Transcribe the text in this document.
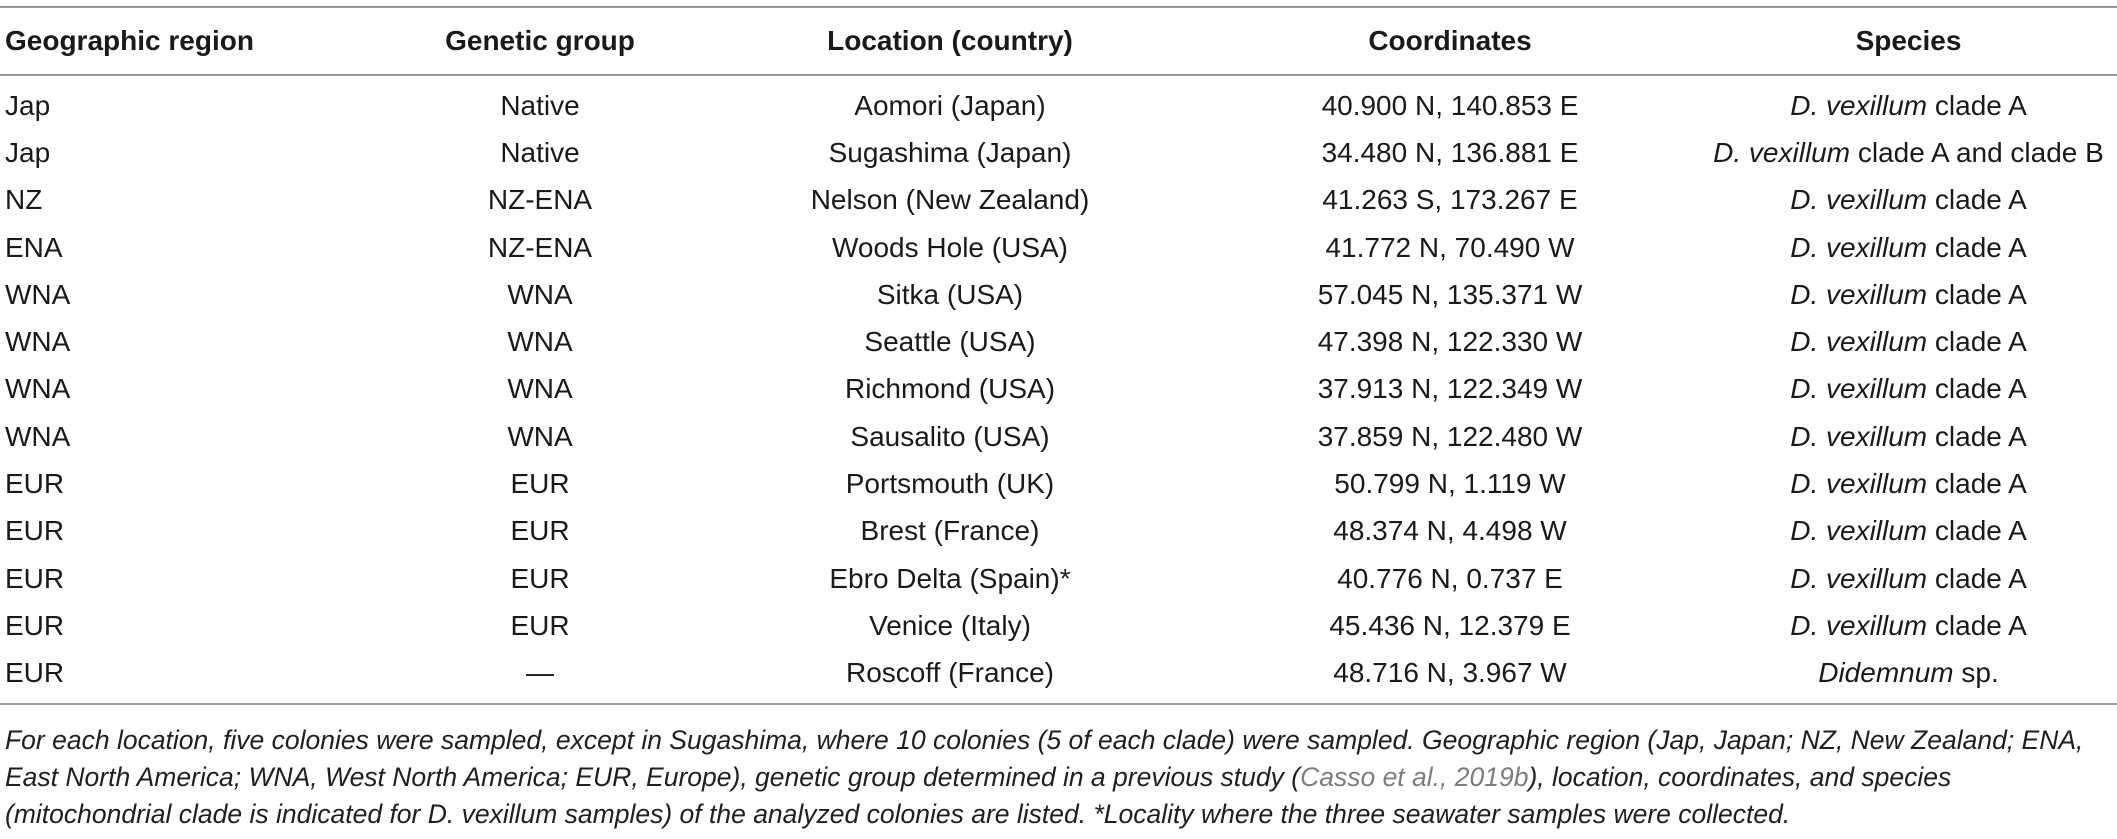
Geographic region	Genetic group	Location (country)	Coordinates	Species
Jap	Native	Aomori (Japan)	40.900 N, 140.853 E	D. vexillum clade A
Jap	Native	Sugashima (Japan)	34.480 N, 136.881 E	D. vexillum clade A and clade B
NZ	NZ-ENA	Nelson (New Zealand)	41.263 S, 173.267 E	D. vexillum clade A
ENA	NZ-ENA	Woods Hole (USA)	41.772 N, 70.490 W	D. vexillum clade A
WNA	WNA	Sitka (USA)	57.045 N, 135.371 W	D. vexillum clade A
WNA	WNA	Seattle (USA)	47.398 N, 122.330 W	D. vexillum clade A
WNA	WNA	Richmond (USA)	37.913 N, 122.349 W	D. vexillum clade A
WNA	WNA	Sausalito (USA)	37.859 N, 122.480 W	D. vexillum clade A
EUR	EUR	Portsmouth (UK)	50.799 N, 1.119 W	D. vexillum clade A
EUR	EUR	Brest (France)	48.374 N, 4.498 W	D. vexillum clade A
EUR	EUR	Ebro Delta (Spain)*	40.776 N, 0.737 E	D. vexillum clade A
EUR	EUR	Venice (Italy)	45.436 N, 12.379 E	D. vexillum clade A
EUR	—	Roscoff (France)	48.716 N, 3.967 W	Didemnum sp.
For each location, five colonies were sampled, except in Sugashima, where 10 colonies (5 of each clade) were sampled. Geographic region (Jap, Japan; NZ, New Zealand; ENA, East North America; WNA, West North America; EUR, Europe), genetic group determined in a previous study (Casso et al., 2019b), location, coordinates, and species (mitochondrial clade is indicated for D. vexillum samples) of the analyzed colonies are listed. *Locality where the three seawater samples were collected.
